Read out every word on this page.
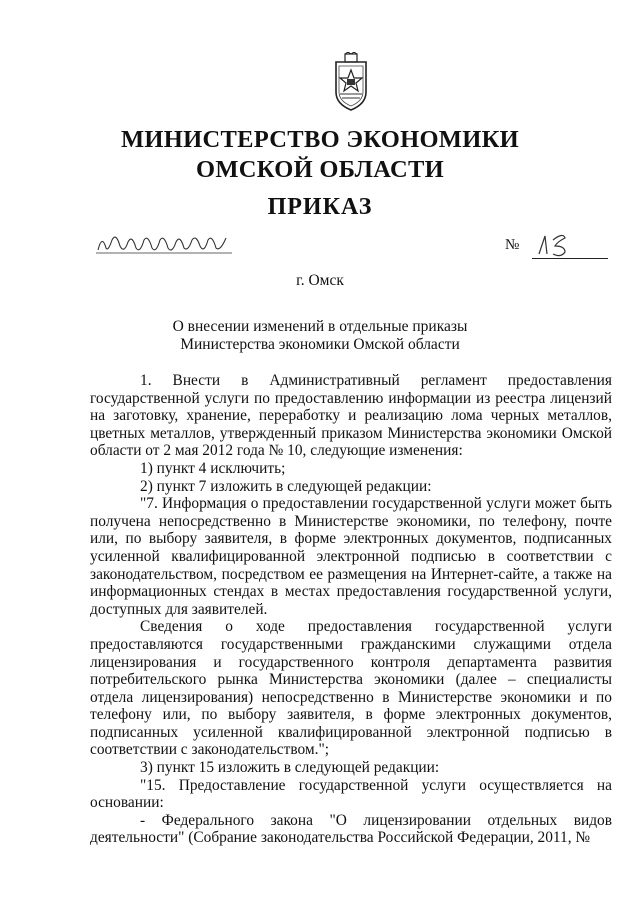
МИНИСТЕРСТВО ЭКОНОМИКИ
ОМСКОЙ ОБЛАСТИ
ПРИКАЗ
№
г. Омск
О внесении изменений в отдельные приказы
Министерства экономики Омской области

1. Внести в Административный регламент предоставления государственной услуги по предоставлению информации из реестра лицензий на заготовку, хранение, переработку и реализацию лома черных металлов, цветных металлов, утвержденный приказом Министерства экономики Омской области от 2 мая 2012 года № 10, следующие изменения:

1) пункт 4 исключить;

2) пункт 7 изложить в следующей редакции:

"7. Информация о предоставлении государственной услуги может быть получена непосредственно в Министерстве экономики, по телефону, почте или, по выбору заявителя, в форме электронных документов, подписанных усиленной квалифицированной электронной подписью в соответствии с законодательством, посредством ее размещения на Интернет-сайте, а также на информационных стендах в местах предоставления государственной услуги, доступных для заявителей.

Сведения о ходе предоставления государственной услуги предоставляются государственными гражданскими служащими отдела лицензирования и государственного контроля департамента развития потребительского рынка Министерства экономики (далее – специалисты отдела лицензирования) непосредственно в Министерстве экономики и по телефону или, по выбору заявителя, в форме электронных документов, подписанных усиленной квалифицированной электронной подписью в соответствии с законодательством.";

3) пункт 15 изложить в следующей редакции:

"15. Предоставление государственной услуги осуществляется на основании:

- Федерального закона "О лицензировании отдельных видов деятельности" (Собрание законодательства Российской Федерации, 2011, №
